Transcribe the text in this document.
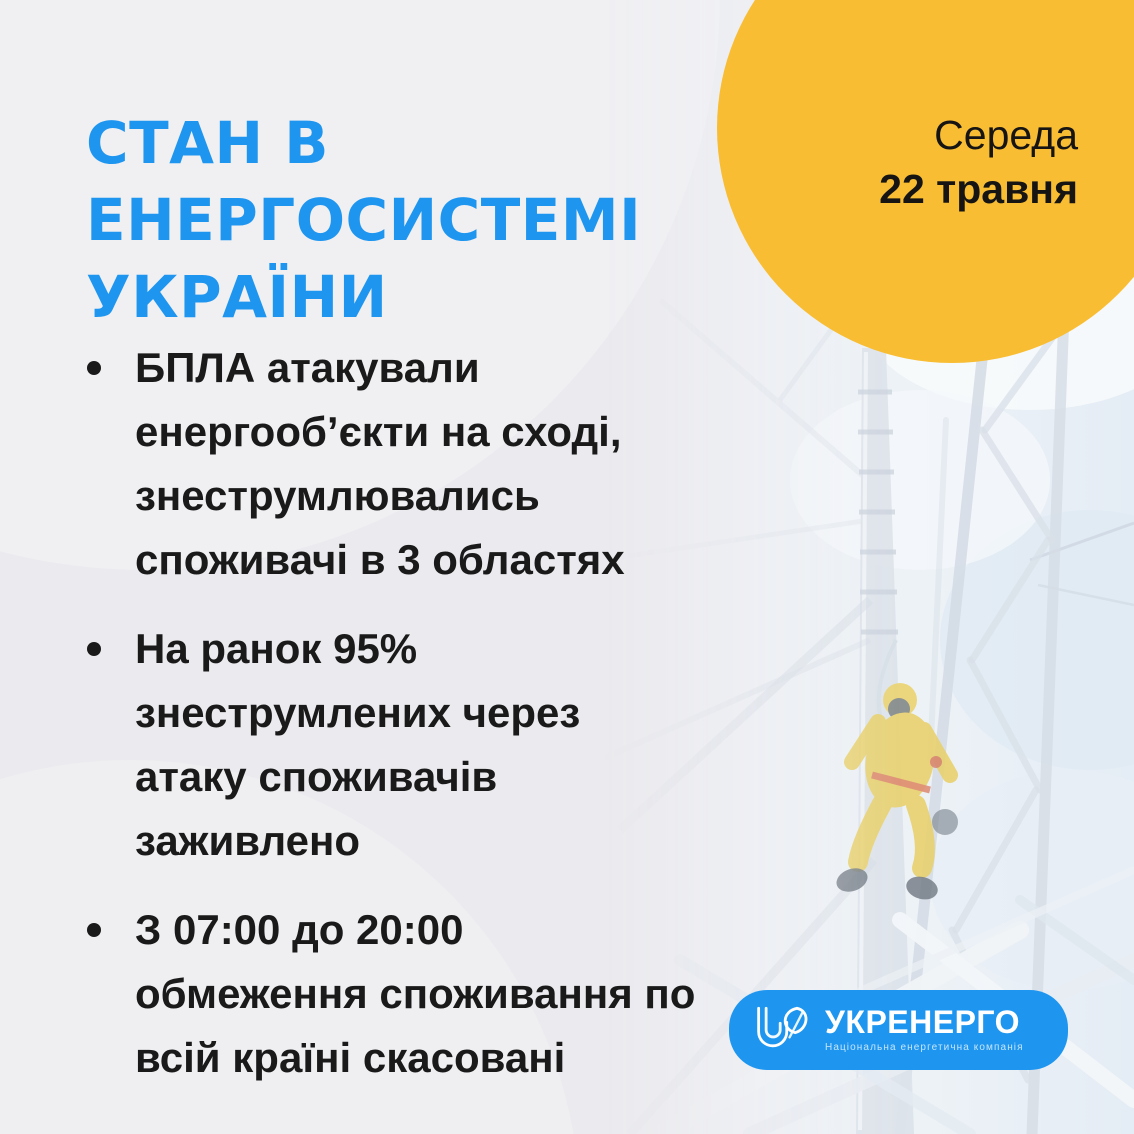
Середа
22 травня
СТАН В ЕНЕРГОСИСТЕМІ УКРАЇНИ
БПЛА атакували енергооб’єкти на сході, знеструмлювались споживачі в 3 областях
На ранок 95% знеструмлених через атаку споживачів заживлено
З 07:00 до 20:00 обмеження споживання по всій країні скасовані
УКРЕНЕРГО
Національна енергетична компанія
